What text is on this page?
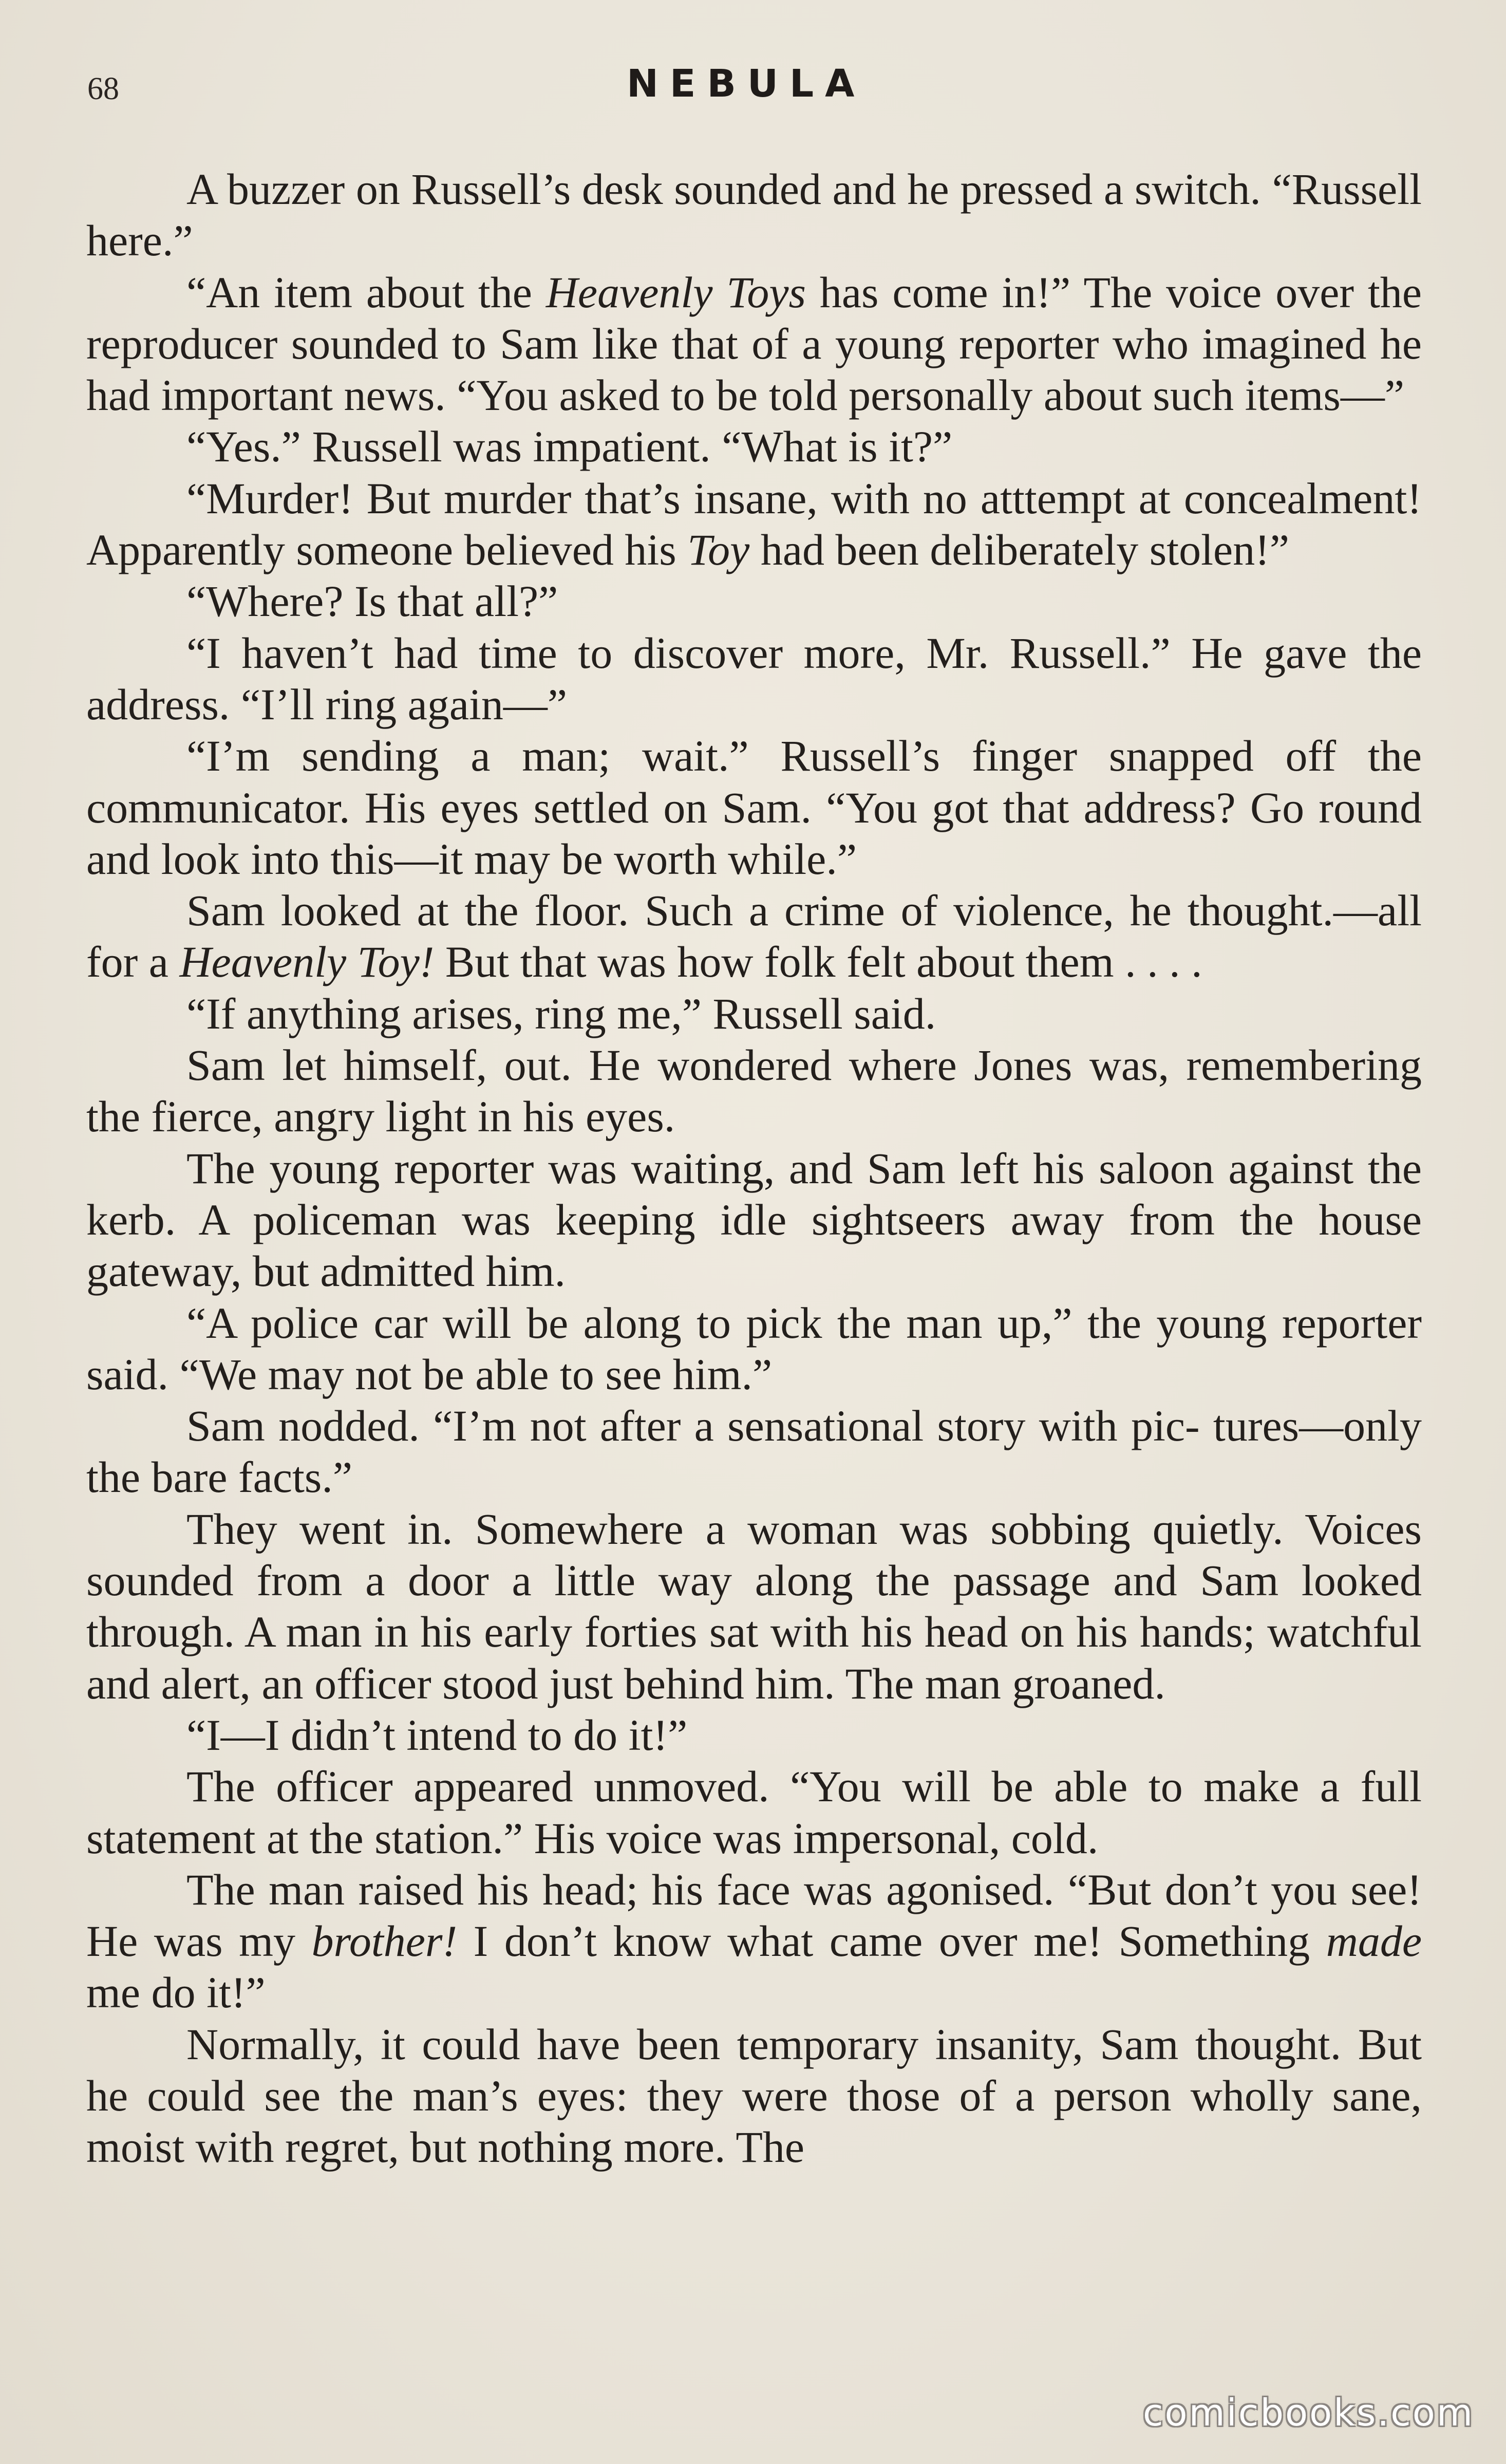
68	NEBULA

A buzzer on Russell’s desk sounded and he pressed a switch. “Russell here.”

“An item about the Heavenly Toys has come in!” The voice over the reproducer sounded to Sam like that of a young reporter who imagined he had important news. “You asked to be told personally about such items—”

“Yes.” Russell was impatient. “What is it?”

“Murder! But murder that’s insane, with no atttempt at concealment! Apparently someone believed his Toy had been deliberately stolen!”

“Where? Is that all?”

“I haven’t had time to discover more, Mr. Russell.” He gave the address. “I’ll ring again—”

“I’m sending a man; wait.” Russell’s finger snapped off the communicator. His eyes settled on Sam. “You got that address? Go round and look into this—it may be worth while.”

Sam looked at the floor. Such a crime of violence, he thought.—all for a Heavenly Toy! But that was how folk felt about them . . . .

“If anything arises, ring me,” Russell said.

Sam let himself, out. He wondered where Jones was, remembering the fierce, angry light in his eyes.

The young reporter was waiting, and Sam left his saloon against the kerb. A policeman was keeping idle sightseers away from the house gateway, but admitted him.

“A police car will be along to pick the man up,” the young reporter said. “We may not be able to see him.”

Sam nodded. “I’m not after a sensational story with pic- tures—only the bare facts.”

They went in. Somewhere a woman was sobbing quietly. Voices sounded from a door a little way along the passage and Sam looked through. A man in his early forties sat with his head on his hands; watchful and alert, an officer stood just behind him. The man groaned.

“I—I didn’t intend to do it!”

The officer appeared unmoved. “You will be able to make a full statement at the station.” His voice was impersonal, cold.

The man raised his head; his face was agonised. “But don’t you see! He was my brother! I don’t know what came over me! Something made me do it!”

Normally, it could have been temporary insanity, Sam thought. But he could see the man’s eyes: they were those of a person wholly sane, moist with regret, but nothing more. The

comicbooks.com
